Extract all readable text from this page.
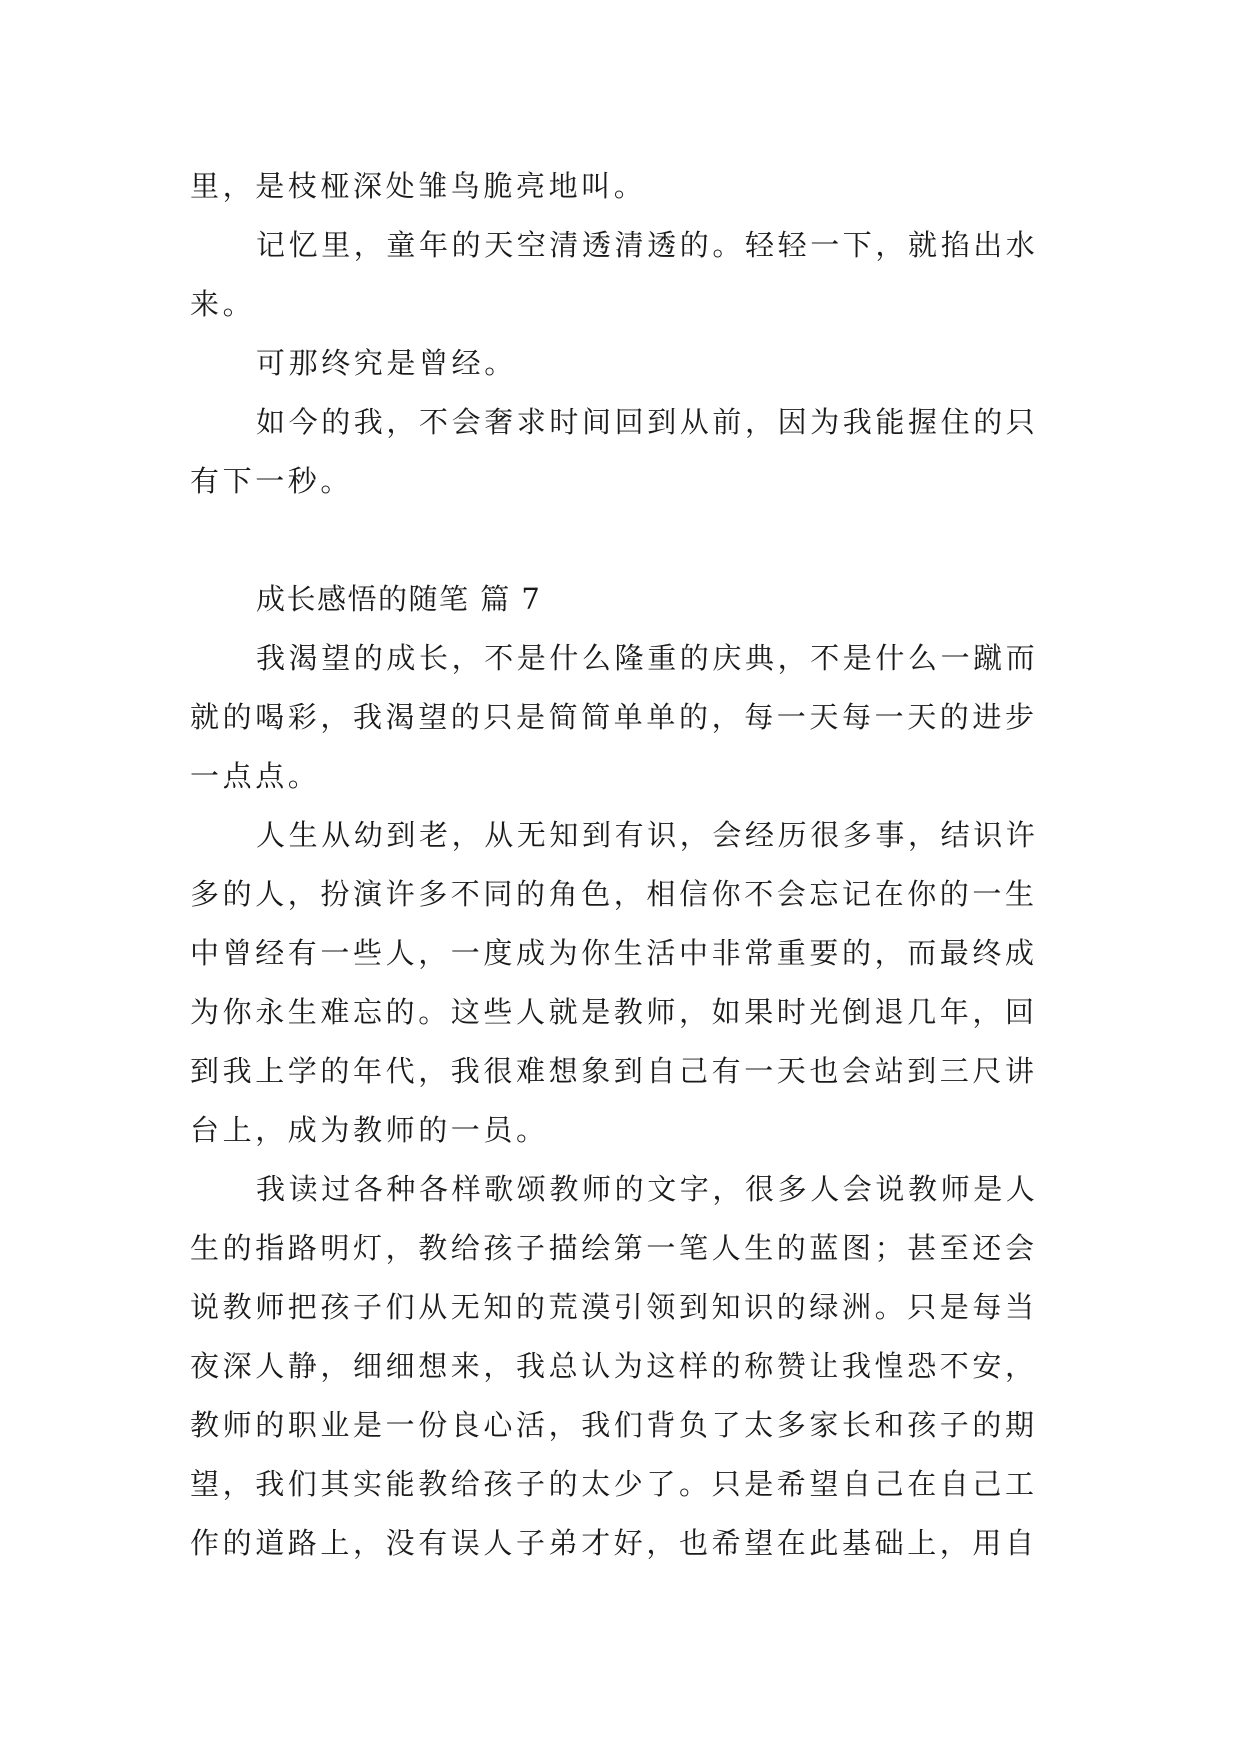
里，是枝桠深处雏鸟脆亮地叫。
记忆里，童年的天空清透清透的。轻轻一下，就掐出水
来。
可那终究是曾经。
如今的我，不会奢求时间回到从前，因为我能握住的只
有下一秒。
成长感悟的随笔 篇 7
我渴望的成长，不是什么隆重的庆典，不是什么一蹴而
就的喝彩，我渴望的只是简简单单的，每一天每一天的进步
一点点。
人生从幼到老，从无知到有识，会经历很多事，结识许
多的人，扮演许多不同的角色，相信你不会忘记在你的一生
中曾经有一些人，一度成为你生活中非常重要的，而最终成
为你永生难忘的。这些人就是教师，如果时光倒退几年，回
到我上学的年代，我很难想象到自己有一天也会站到三尺讲
台上，成为教师的一员。
我读过各种各样歌颂教师的文字，很多人会说教师是人
生的指路明灯，教给孩子描绘第一笔人生的蓝图；甚至还会
说教师把孩子们从无知的荒漠引领到知识的绿洲。只是每当
夜深人静，细细想来，我总认为这样的称赞让我惶恐不安，
教师的职业是一份良心活，我们背负了太多家长和孩子的期
望，我们其实能教给孩子的太少了。只是希望自己在自己工
作的道路上，没有误人子弟才好，也希望在此基础上，用自
